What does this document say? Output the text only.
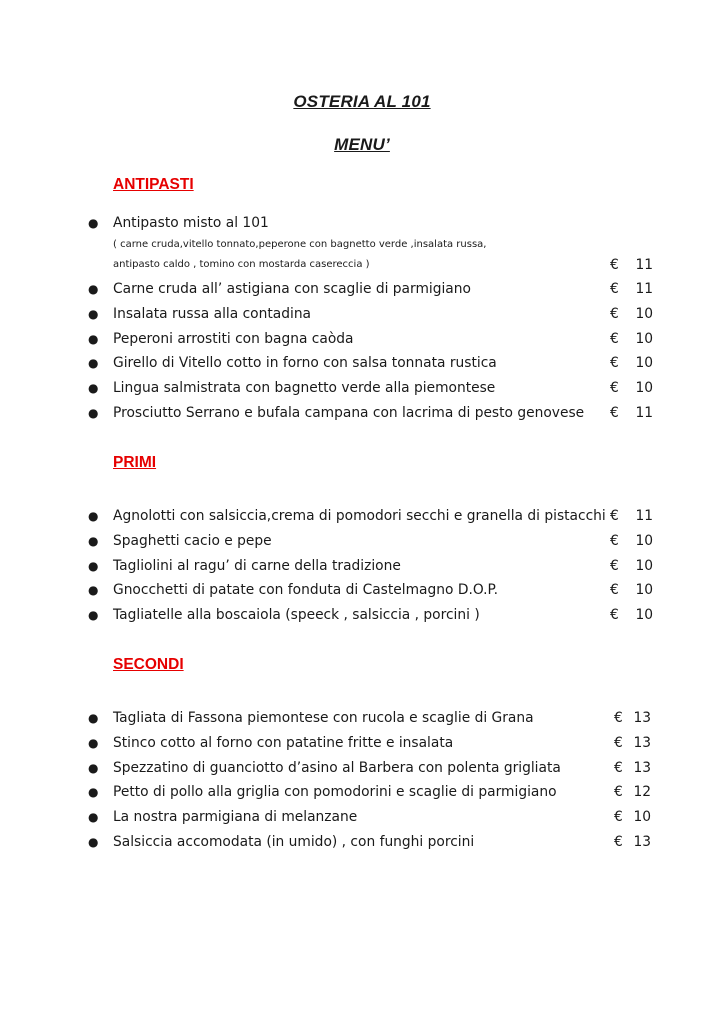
OSTERIA AL 101
MENU’
ANTIPASTI
● Antipasto misto al 101
( carne cruda,vitello tonnato,peperone con bagnetto verde ,insalata russa,
antipasto caldo , tomino con mostarda casereccia )	€	11
● Carne cruda all’ astigiana con scaglie di parmigiano	€	11
● Insalata russa alla contadina	€	10
● Peperoni arrostiti con bagna caòda	€	10
● Girello di Vitello cotto in forno con salsa tonnata rustica	€	10
● Lingua salmistrata con bagnetto verde alla piemontese	€	10
● Prosciutto Serrano e bufala campana con lacrima di pesto genovese €	11
PRIMI
● Agnolotti con salsiccia,crema di pomodori secchi e granella di pistacchi €	11
● Spaghetti cacio e pepe	€	10
● Tagliolini al ragu’ di carne della tradizione	€	10
● Gnocchetti di patate con fonduta di Castelmagno D.O.P.	€	10
● Tagliatelle alla boscaiola (speeck , salsiccia , porcini )	€	10
SECONDI
● Tagliata di Fassona piemontese con rucola e scaglie di Grana	€ 13
● Stinco cotto al forno con patatine fritte e insalata	€ 13
● Spezzatino di guanciotto d’asino al Barbera con polenta grigliata	€ 13
● Petto di pollo alla griglia con pomodorini e scaglie di parmigiano	€ 12
● La nostra parmigiana di melanzane	€ 10
● Salsiccia accomodata (in umido) , con funghi porcini	€ 13
